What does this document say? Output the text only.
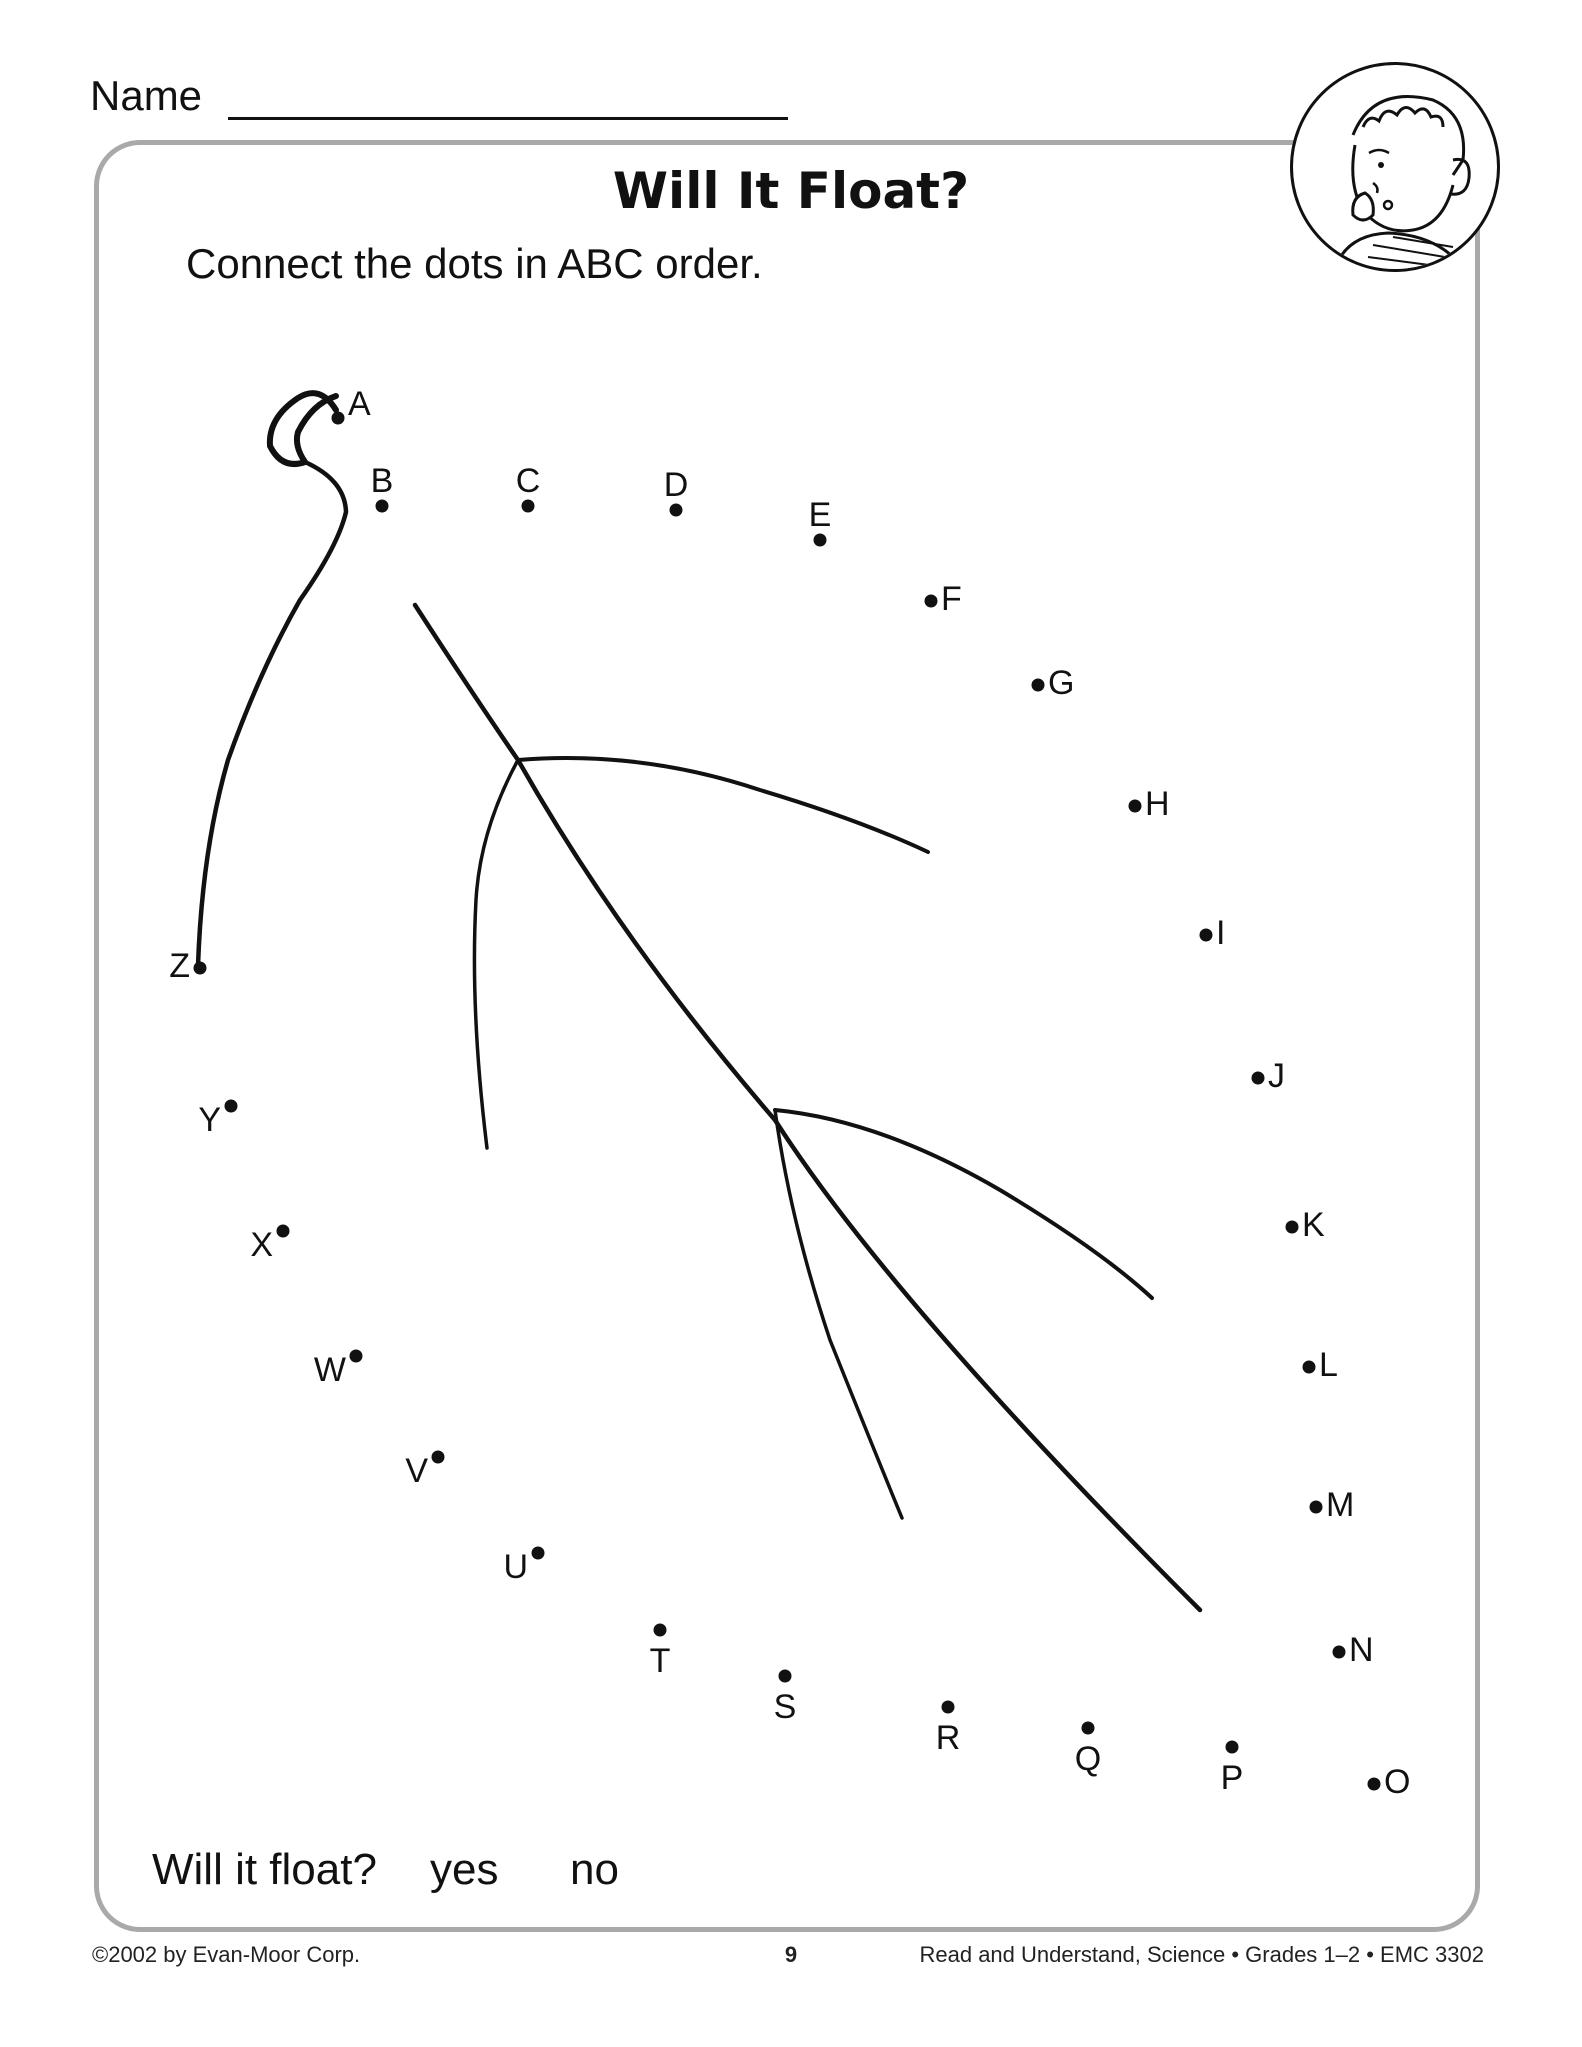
Name
Will It Float?
Connect the dots in ABC order.
A
B	C	D
E
F
G
H
I
J
K
L
M
N
O
P
Q
R
S
T
U
V
W
X
Y
Z
Will it float? yes no
©2002 by Evan-Moor Corp.	9	Read and Understand, Science • Grades 1–2 • EMC 3302
